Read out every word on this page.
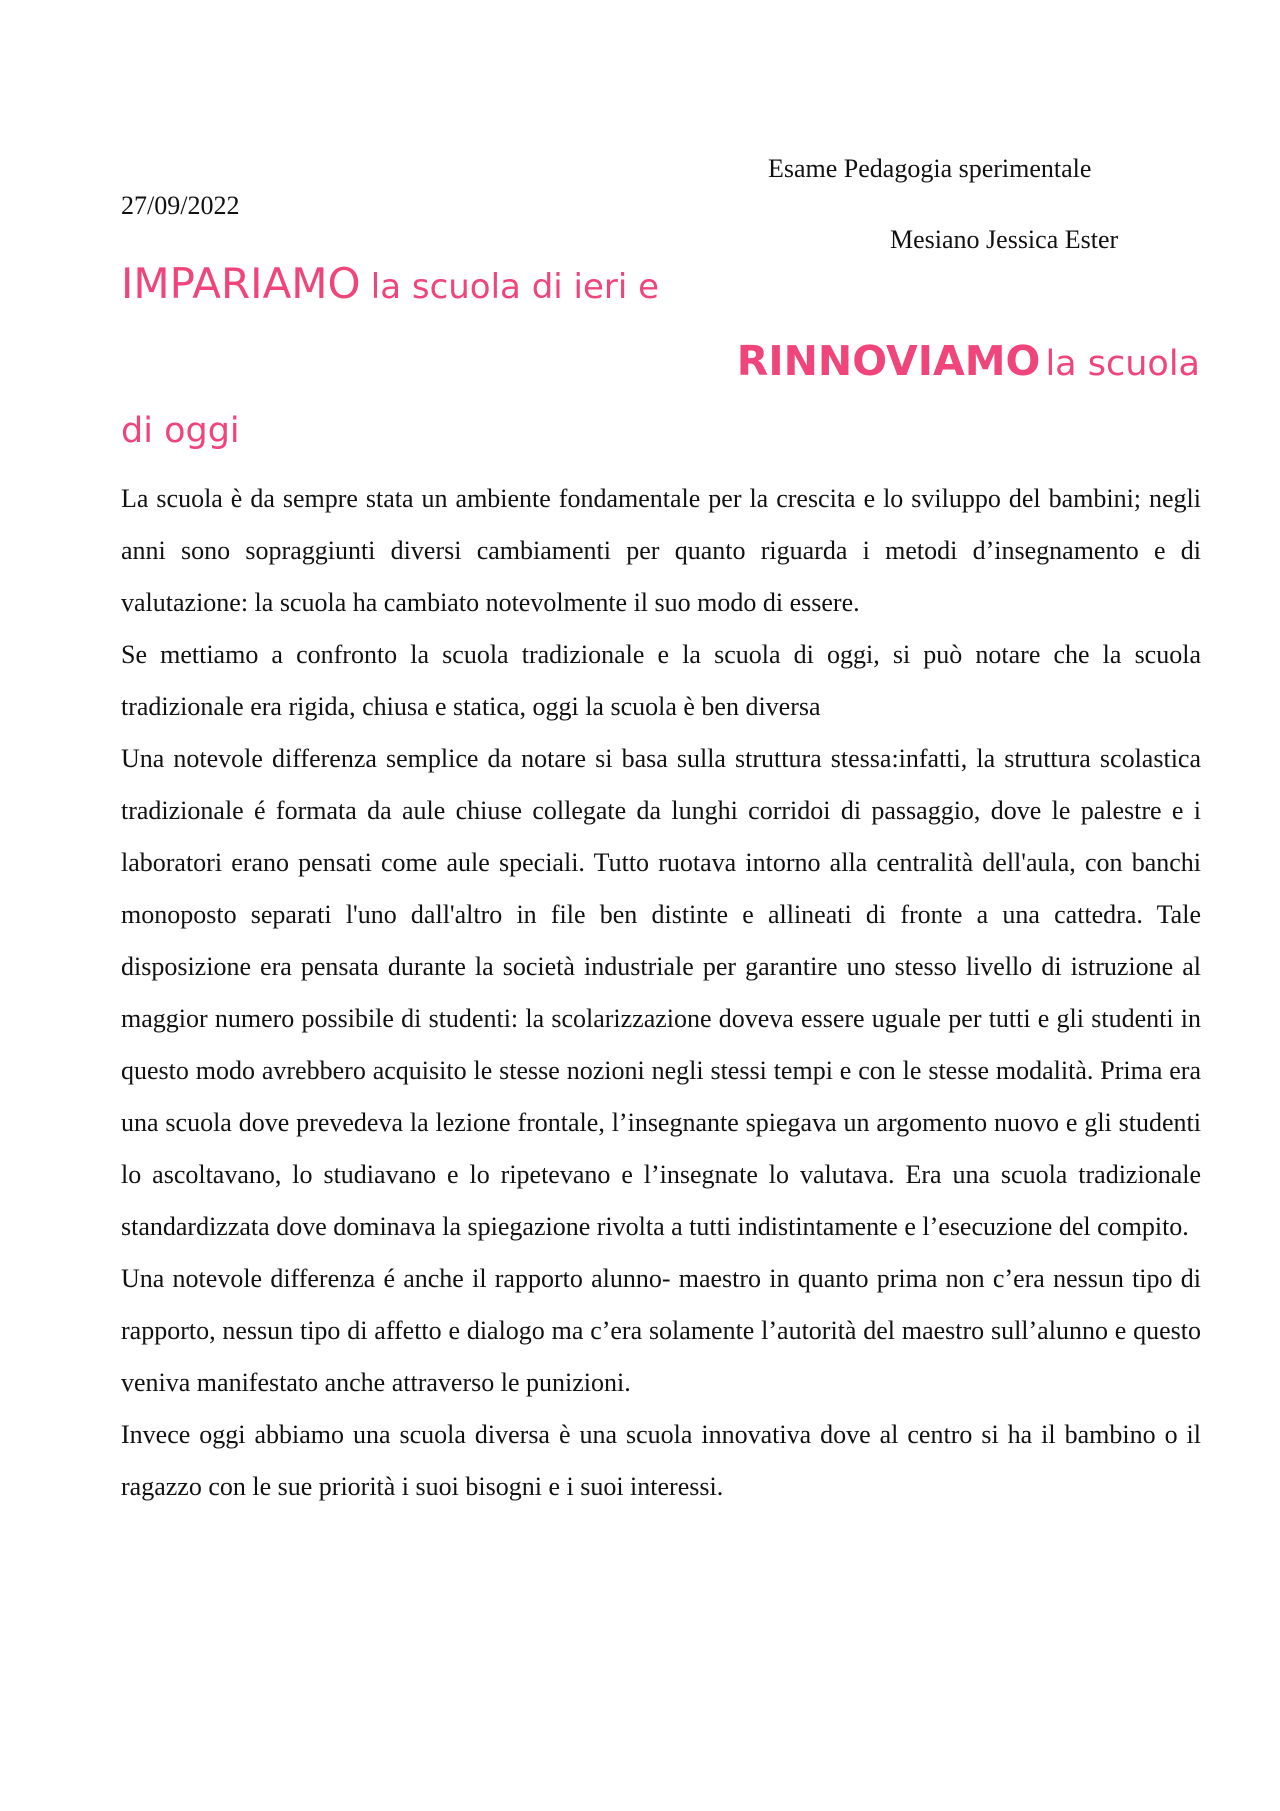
Esame Pedagogia sperimentale
27/09/2022
Mesiano Jessica Ester
IMPARIAMO la scuola di ieri e
RINNOVIAMO la scuola
di oggi

La scuola è da sempre stata un ambiente fondamentale per la crescita e lo sviluppo del bambini; negli anni sono sopraggiunti diversi cambiamenti per quanto riguarda i metodi d’insegnamento e di valutazione: la scuola ha cambiato notevolmente il suo modo di essere.

Se mettiamo a confronto la scuola tradizionale e la scuola di oggi, si può notare che la scuola tradizionale era rigida, chiusa e statica, oggi la scuola è ben diversa

Una notevole differenza semplice da notare si basa sulla struttura stessa:infatti, la struttura scolastica tradizionale é formata da aule chiuse collegate da lunghi corridoi di passaggio, dove le palestre e i laboratori erano pensati come aule speciali. Tutto ruotava intorno alla centralità dell'aula, con banchi monoposto separati l'uno dall'altro in file ben distinte e allineati di fronte a una cattedra. Tale disposizione era pensata durante la società industriale per garantire uno stesso livello di istruzione al maggior numero possibile di studenti: la scolarizzazione doveva essere uguale per tutti e gli studenti in questo modo avrebbero acquisito le stesse nozioni negli stessi tempi e con le stesse modalità. Prima era una scuola dove prevedeva la lezione frontale, l’insegnante spiegava un argomento nuovo e gli studenti lo ascoltavano, lo studiavano e lo ripetevano e l’insegnate lo valutava. Era una scuola tradizionale standardizzata dove dominava la spiegazione rivolta a tutti indistintamente e l’esecuzione del compito.

Una notevole differenza é anche il rapporto alunno- maestro in quanto prima non c’era nessun tipo di rapporto, nessun tipo di affetto e dialogo ma c’era solamente l’autorità del maestro sull’alunno e questo veniva manifestato anche attraverso le punizioni.

Invece oggi abbiamo una scuola diversa è una scuola innovativa dove al centro si ha il bambino o il ragazzo con le sue priorità i suoi bisogni e i suoi interessi.
